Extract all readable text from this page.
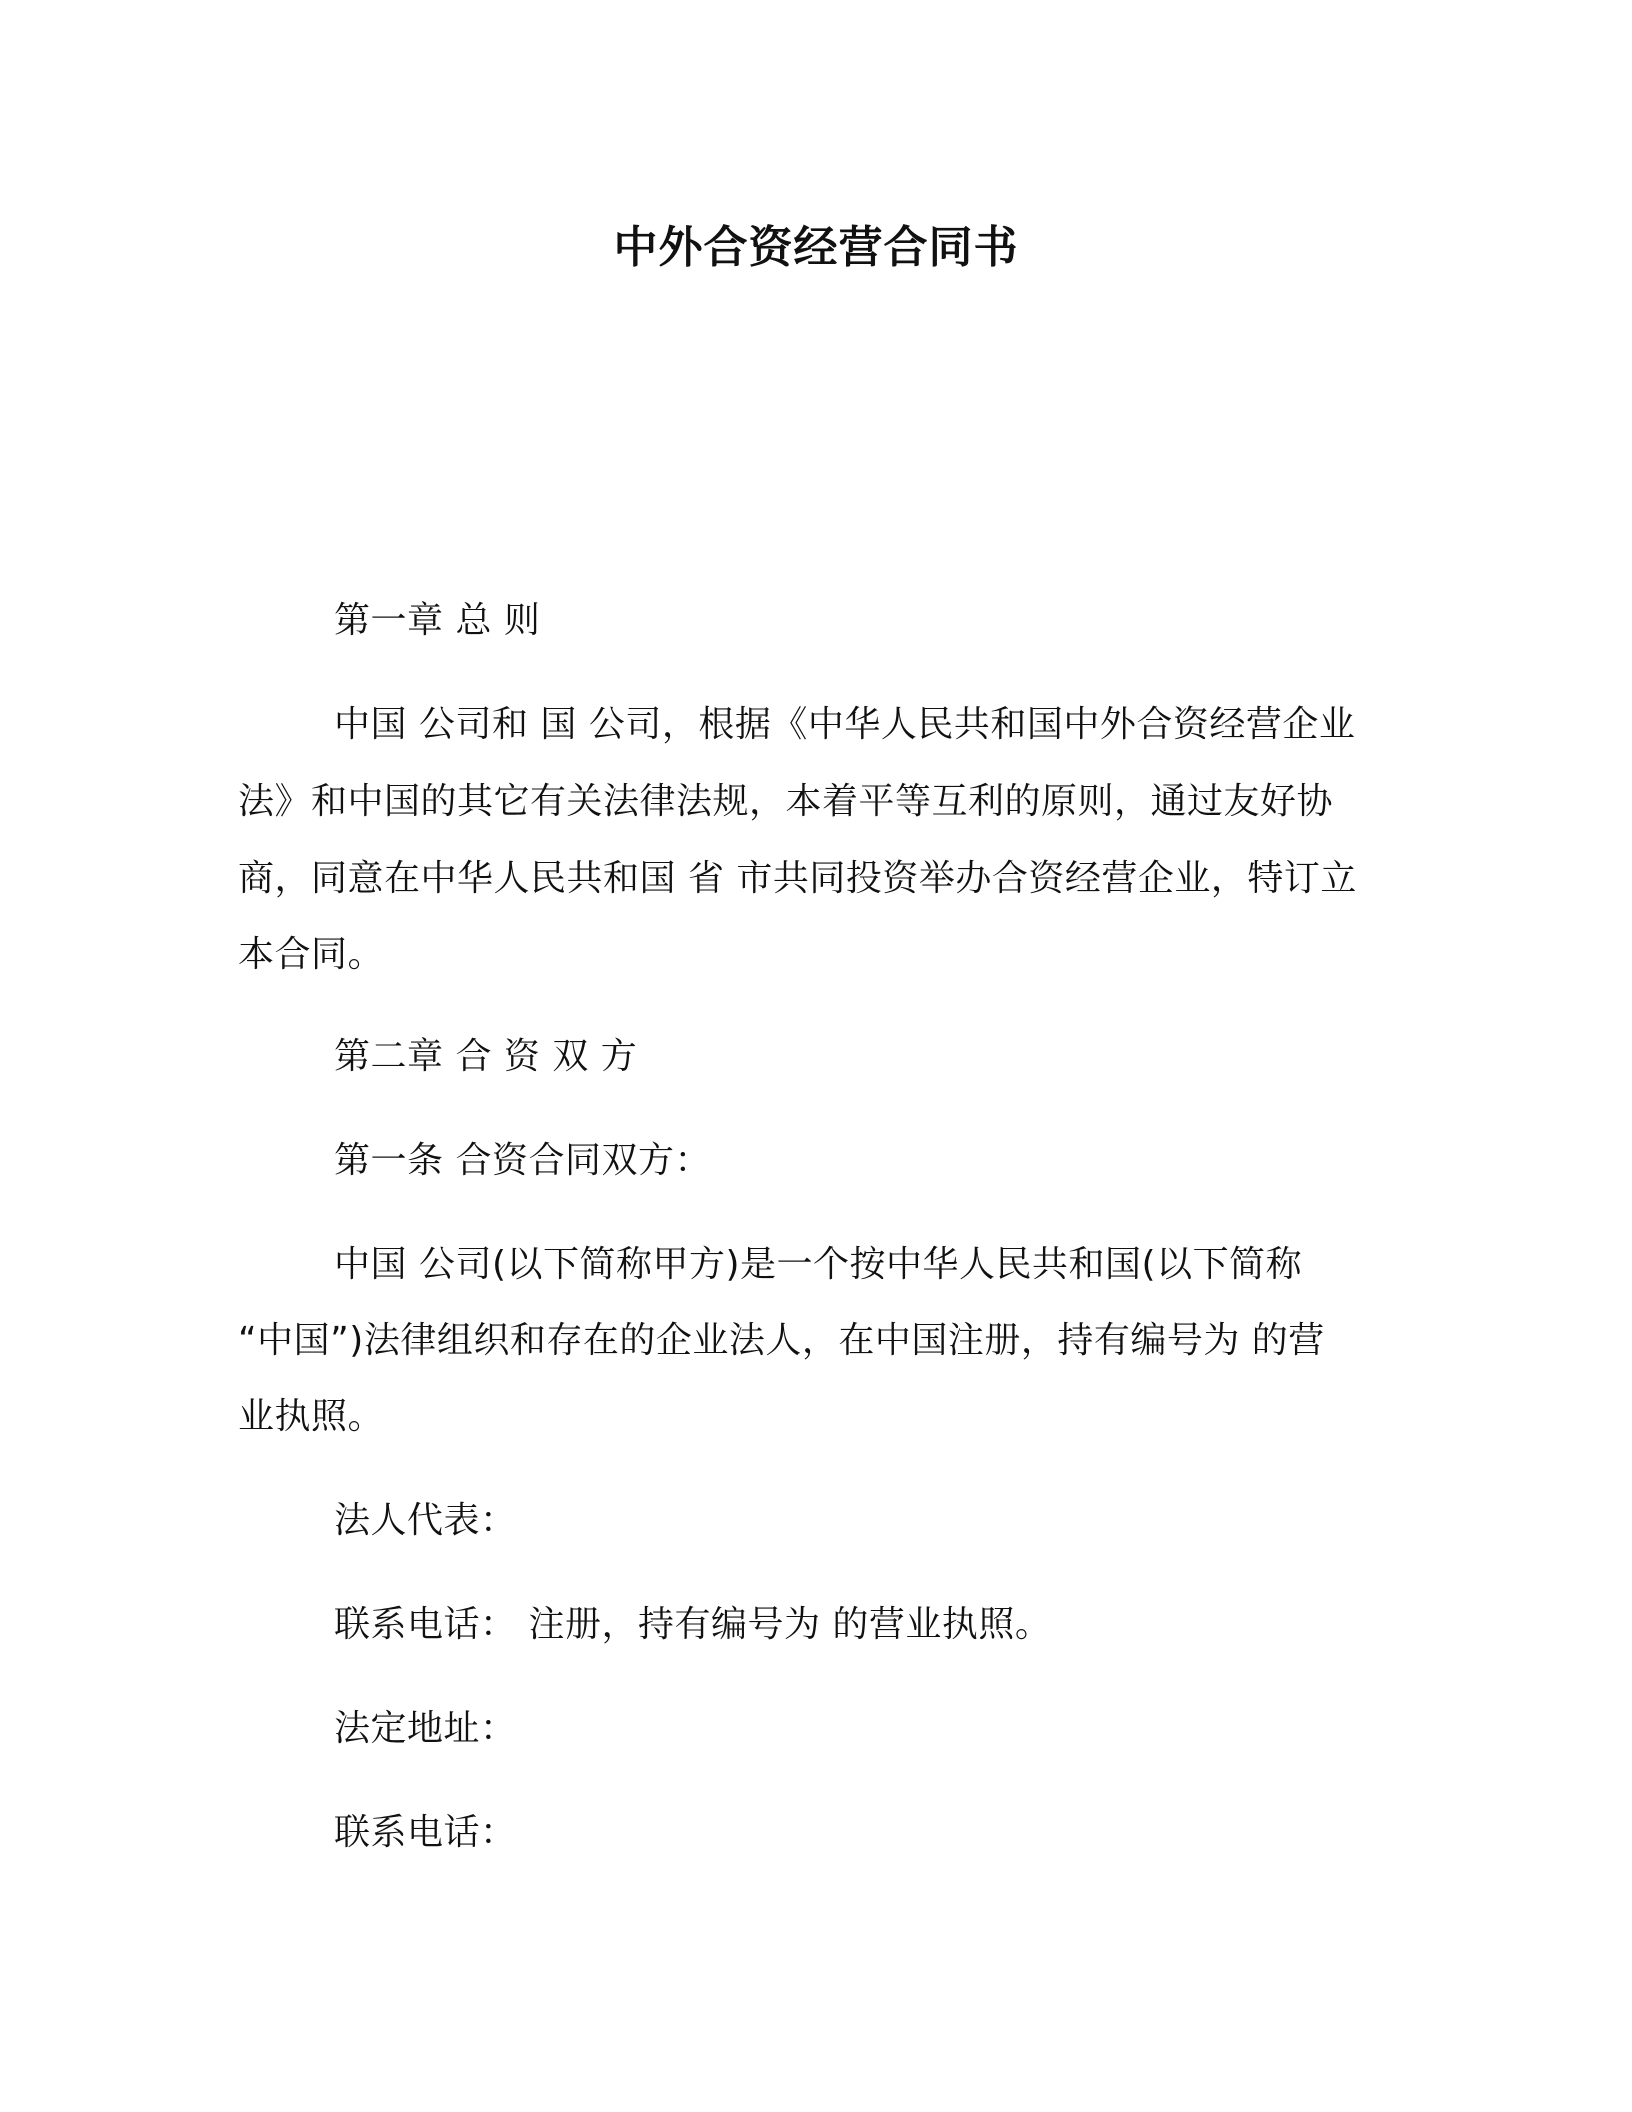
中外合资经营合同书
第一章 总 则
中国 公司和 国 公司，根据《中华人民共和国中外合资经营企业
法》和中国的其它有关法律法规，本着平等互利的原则，通过友好协
商，同意在中华人民共和国 省 市共同投资举办合资经营企业，特订立
本合同。
第二章 合 资 双 方
第一条 合资合同双方：
中国 公司(以下简称甲方)是一个按中华人民共和国(以下简称
“中国”)法律组织和存在的企业法人，在中国注册，持有编号为 的营
业执照。
法人代表：
联系电话： 注册，持有编号为 的营业执照。
法定地址：
联系电话：
